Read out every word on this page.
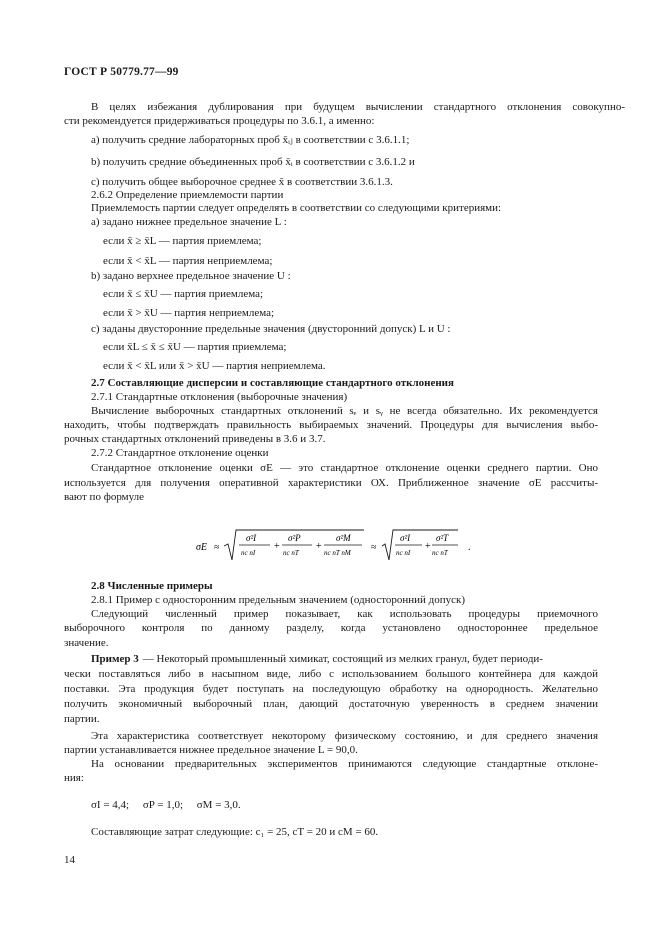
ГОСТ Р 50779.77—99
В целях избежания дублирования при будущем вычислении стандартного отклонения совокупно-
сти рекомендуется придерживаться процедуры по 3.6.1, а именно:
а) получить средние лабораторных проб x̄ᵢⱼ в соответствии с 3.6.1.1;
b) получить средние объединенных проб x̄ᵢ в соответствии с 3.6.1.2 и
c) получить общее выборочное среднее x̄ в соответствии 3.6.1.3.
2.6.2 Определение приемлемости партии
Приемлемость партии следует определять в соответствии со следующими критериями:
a) задано нижнее предельное значение L :
если x̄ ≥ x̄L — партия приемлема;
если x̄ < x̄L — партия неприемлема;
b) задано верхнее предельное значение U :
если x̄ ≤ x̄U — партия приемлема;
если x̄ > x̄U — партия неприемлема;
c) заданы двусторонние предельные значения (двусторонний допуск) L и U :
если x̄L ≤ x̄ ≤ x̄U — партия приемлема;
если x̄ < x̄L или x̄ > x̄U — партия неприемлема.
2.7 Составляющие дисперсии и составляющие стандартного отклонения
2.7.1 Стандартные отклонения (выборочные значения)
Вычисление выборочных стандартных отклонений sₑ и sᵧ не всегда обязательно. Их рекомендуется
находить, чтобы подтверждать правильность выбираемых значений. Процедуры для вычисления выбо-
рочных стандартных отклонений приведены в 3.6 и 3.7.
2.7.2 Стандартное отклонение оценки
Стандартное отклонение оценки σE — это стандартное отклонение оценки среднего партии. Оно
используется для получения оперативной характеристики ОХ. Приближенное значение σE рассчиты-
вают по формуле
σE ≈
σ²I
nc nI
+
σ²P
nc nT
+
σ²M
nc nT nM ≈
σ²I
nc nI
+
σ²T
nc nT .
2.8 Численные примеры
2.8.1 Пример с односторонним предельным значением (односторонний допуск)
Следующий численный пример показывает, как использовать процедуры приемочного
выборочного контроля по данному разделу, когда установлено одностороннее предельное
значение.
Пример 3 — Некоторый промышленный химикат, состоящий из мелких гранул, будет периоди-
чески поставляться либо в насыпном виде, либо с использованием большого контейнера для каждой
поставки. Эта продукция будет поступать на последующую обработку на однородность. Желательно
получить экономичный выборочный план, дающий достаточную уверенность в среднем значении
партии.
Эта характеристика соответствует некоторому физическому состоянию, и для среднего значения
партии устанавливается нижнее предельное значение L = 90,0.
На основании предварительных экспериментов принимаются следующие стандартные отклоне-
ния:
σI = 4,4;     σP = 1,0;     σM = 3,0.
Составляющие затрат следующие: c₁ = 25, cT = 20 и cM = 60.
14
